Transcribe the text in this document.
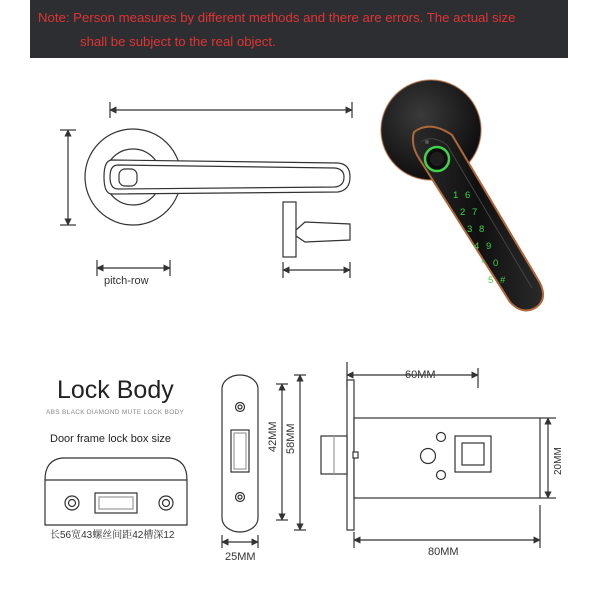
Note: Person measures by different methods and there are errors. The actual size
shall be subject to the real object.
pitch-row
1 6
2 7
3 8
4 9
* 0
5 #
Lock Body
ABS BLACK DIAMOND MUTE LOCK BODY
Door frame lock box size
长56宽43螺丝间距42槽深12
25MM
42MM 58MM
60MM
80MM
20MM
